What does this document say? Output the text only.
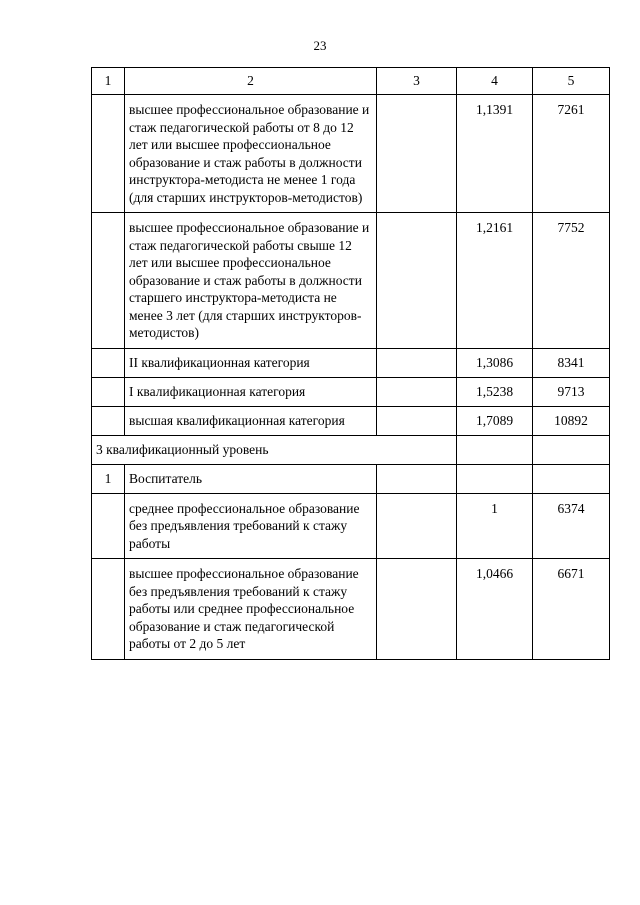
23
1	2	3	4	5
	высшее профессиональное образование и стаж педагогической работы от 8 до 12 лет или высшее профессиональное образование и стаж работы в должности инструктора-методиста не менее 1 года (для старших инструкторов-методистов)		1,1391	7261
	высшее профессиональное образование и стаж педагогической работы свыше 12 лет или высшее профессиональное образование и стаж работы в должности старшего инструктора-методиста не менее 3 лет (для старших инструкторов-методистов)		1,2161	7752
	II квалификационная категория		1,3086	8341
	I квалификационная категория		1,5238	9713
	высшая квалификационная категория		1,7089	10892
3 квалификационный уровень				
1	Воспитатель			
	среднее профессиональное образование без предъявления требований к стажу работы		1	6374
	высшее профессиональное образование без предъявления требований к стажу работы или среднее профессиональное образование и стаж педагогической работы от 2 до 5 лет		1,0466	6671
